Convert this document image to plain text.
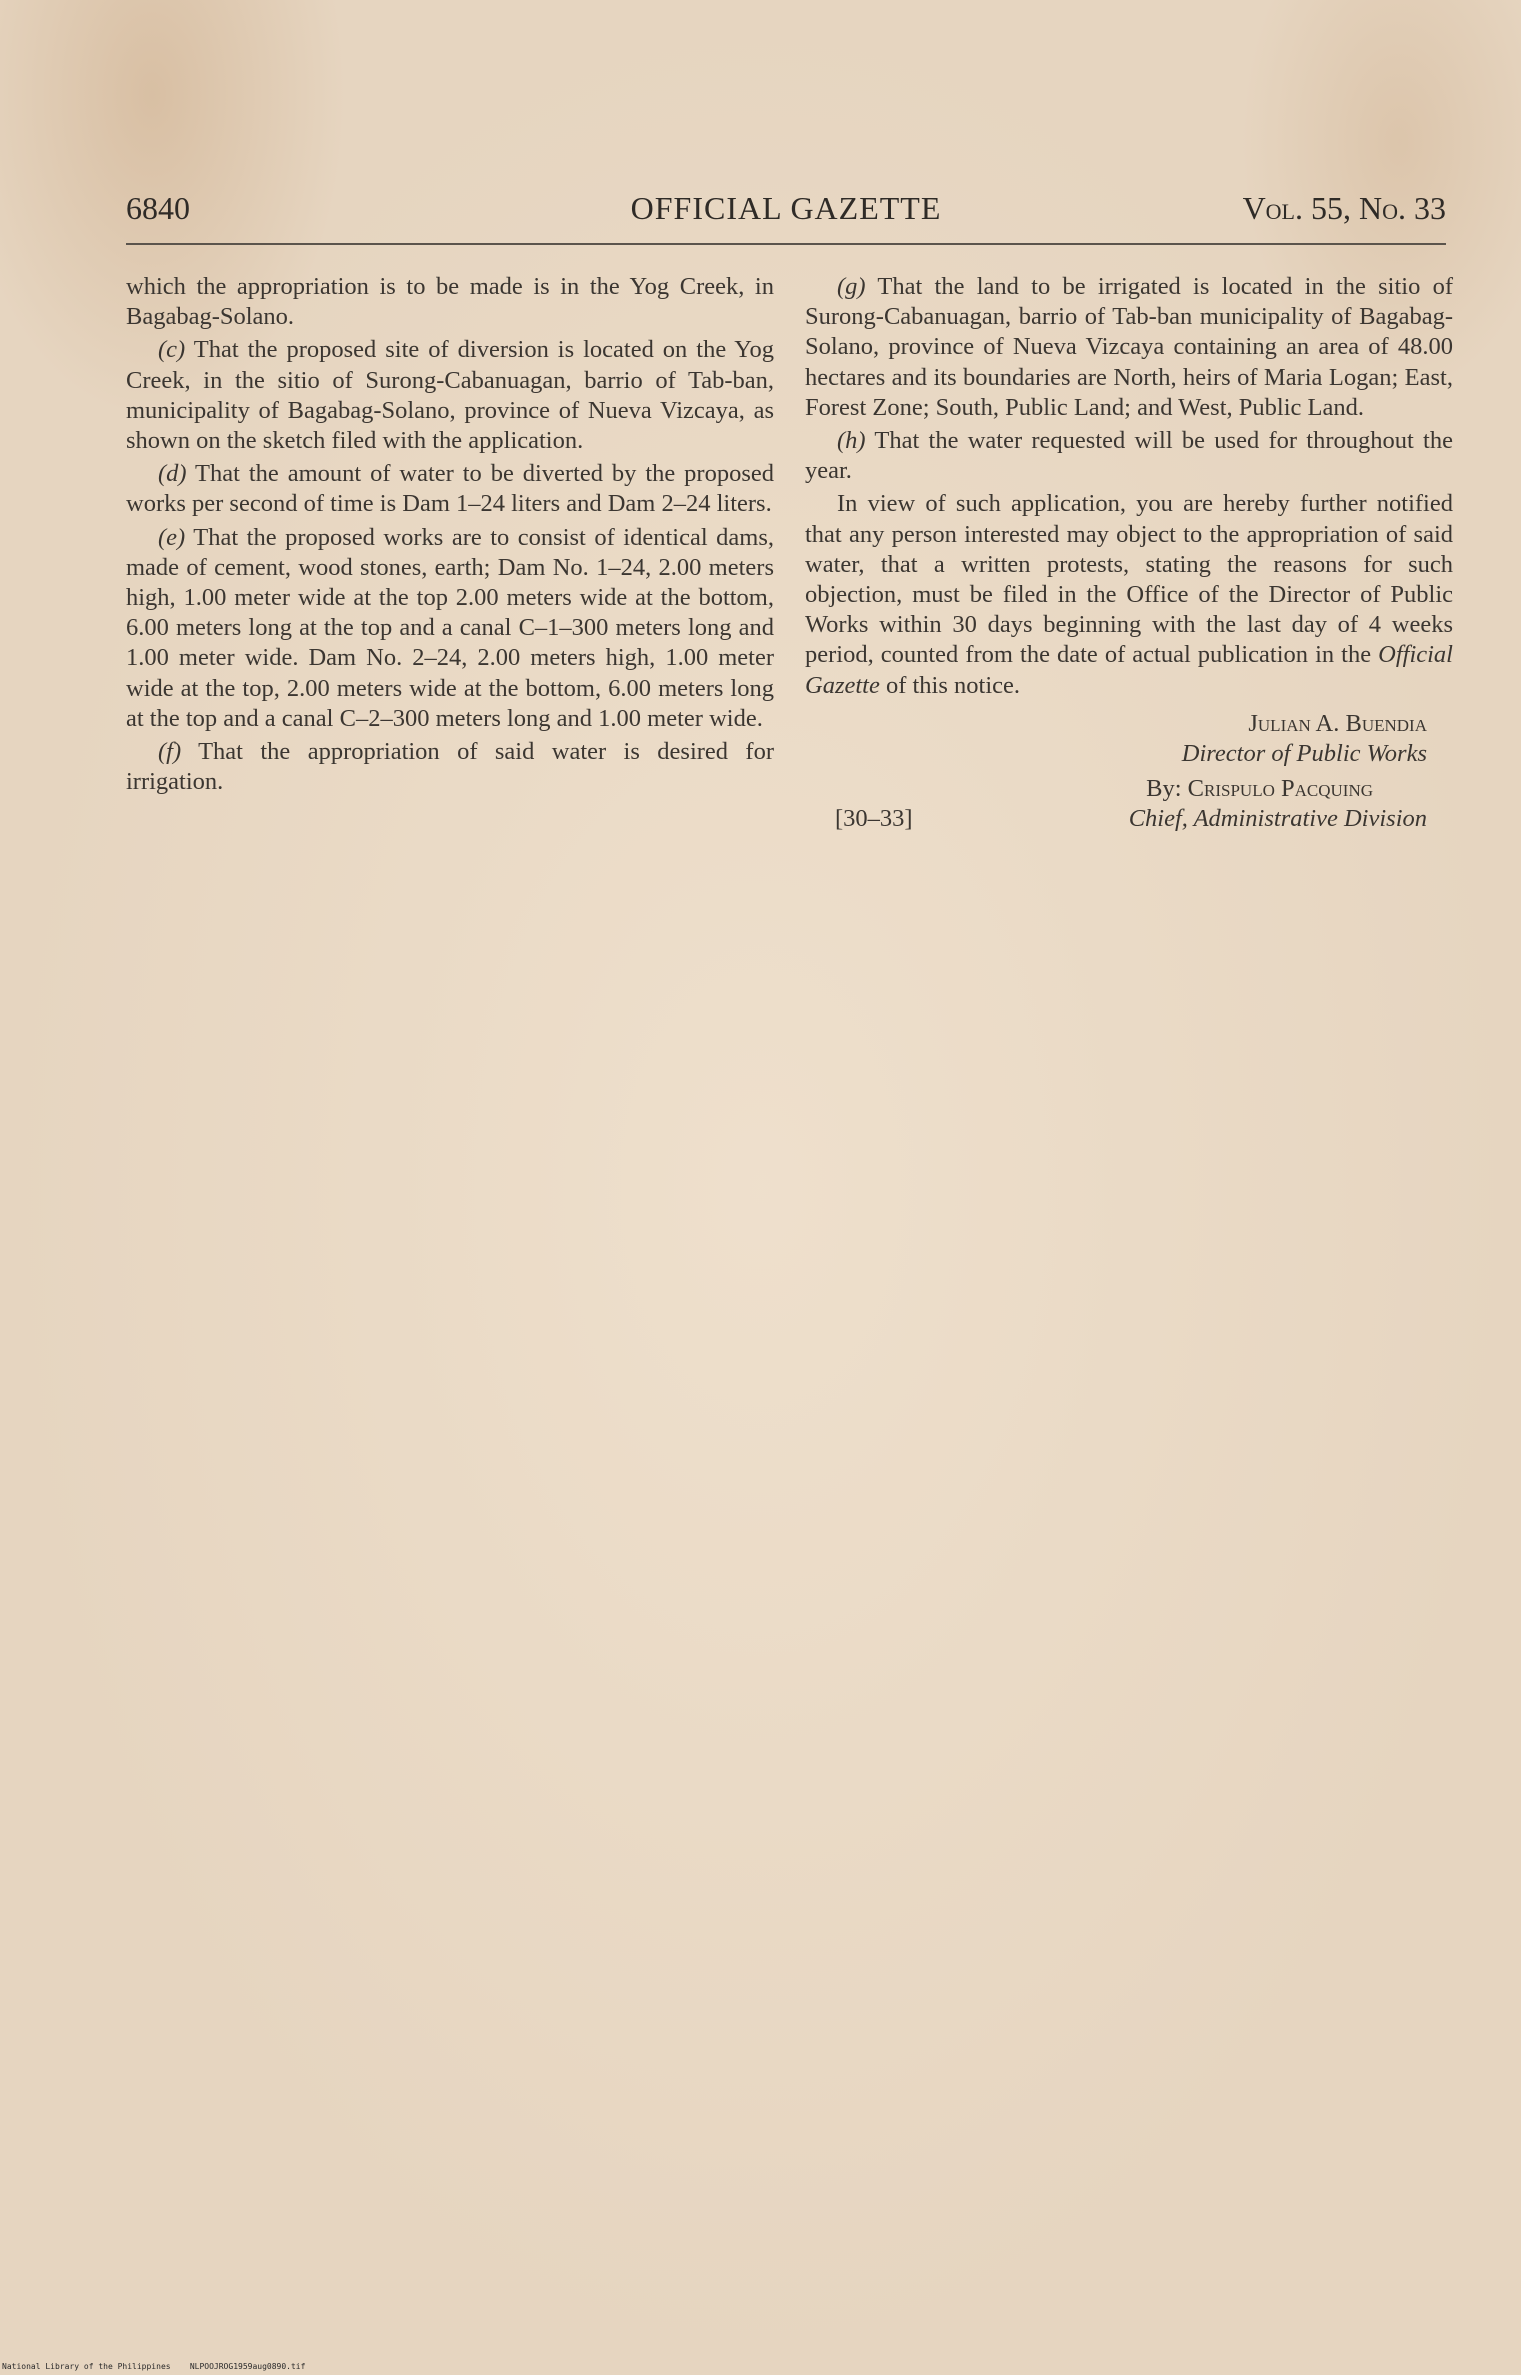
6840	OFFICIAL GAZETTE	Vol. 55, No. 33

which the appropriation is to be made is in the Yog Creek, in Bagabag-Solano.

(c) That the proposed site of diversion is located on the Yog Creek, in the sitio of Surong-Cabanuagan, barrio of Tab-ban, municipality of Bagabag-Solano, province of Nueva Vizcaya, as shown on the sketch filed with the application.

(d) That the amount of water to be diverted by the proposed works per second of time is Dam 1–24 liters and Dam 2–24 liters.

(e) That the proposed works are to consist of identical dams, made of cement, wood stones, earth; Dam No. 1–24, 2.00 meters high, 1.00 meter wide at the top 2.00 meters wide at the bottom, 6.00 meters long at the top and a canal C–1–300 meters long and 1.00 meter wide. Dam No. 2–24, 2.00 meters high, 1.00 meter wide at the top, 2.00 meters wide at the bottom, 6.00 meters long at the top and a canal C–2–300 meters long and 1.00 meter wide.

(f) That the appropriation of said water is desired for irrigation.

(g) That the land to be irrigated is located in the sitio of Surong-Cabanuagan, barrio of Tab-ban municipality of Bagabag-Solano, province of Nueva Vizcaya containing an area of 48.00 hectares and its boundaries are North, heirs of Maria Logan; East, Forest Zone; South, Public Land; and West, Public Land.

(h) That the water requested will be used for throughout the year.

In view of such application, you are hereby further notified that any person interested may object to the appropriation of said water, that a written protests, stating the reasons for such objection, must be filed in the Office of the Director of Public Works within 30 days beginning with the last day of 4 weeks period, counted from the date of actual publication in the Official Gazette of this notice.

Julian A. Buendia
Director of Public Works
By: Crispulo Pacquing
[30–33]	Chief, Administrative Division
National Library of the Philippines NLPOOJROG1959aug0890.tif
